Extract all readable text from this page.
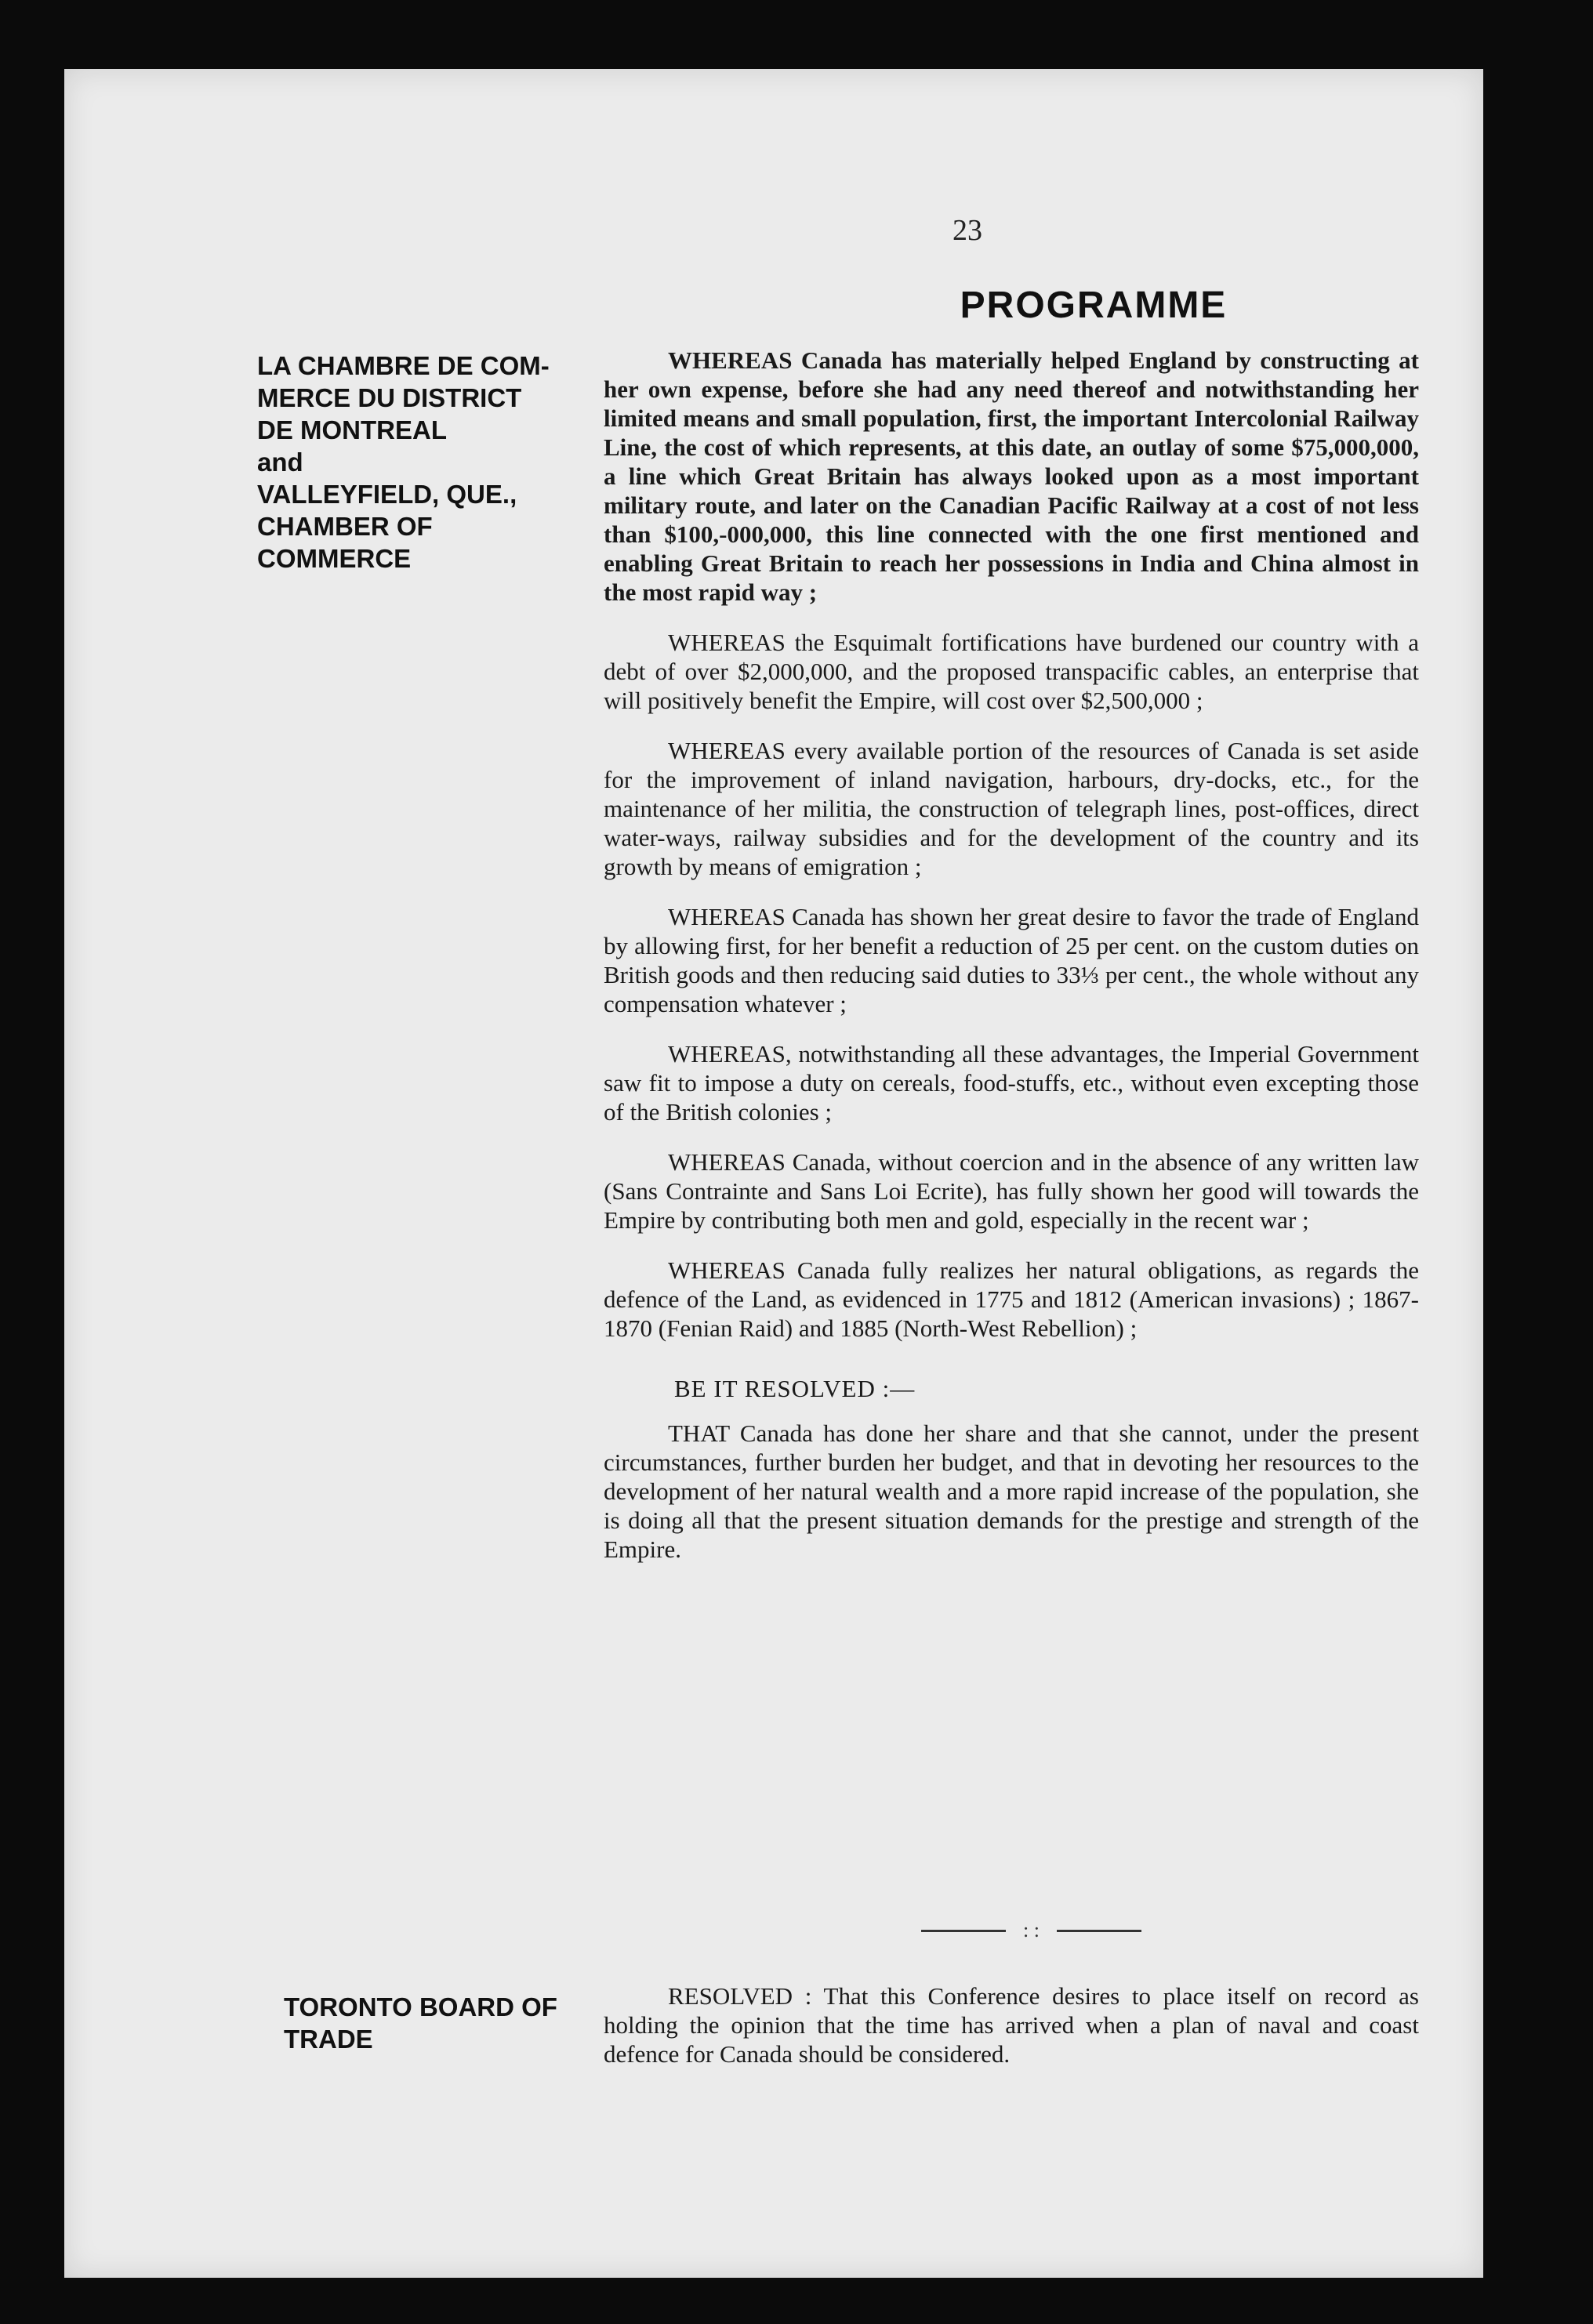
23
PROGRAMME
LA CHAMBRE DE COM-
MERCE DU DISTRICT
DE MONTREAL
and
VALLEYFIELD, QUE.,
CHAMBER OF
COMMERCE

WHEREAS Canada has materially helped England by constructing at her own expense, before she had any need thereof and notwithstanding her limited means and small population, first, the important Intercolonial Railway Line, the cost of which represents, at this date, an outlay of some $75,000,000, a line which Great Britain has always looked upon as a most important military route, and later on the Canadian Pacific Railway at a cost of not less than $100,-000,000, this line connected with the one first mentioned and enabling Great Britain to reach her possessions in India and China almost in the most rapid way ;

WHEREAS the Esquimalt fortifications have burdened our country with a debt of over $2,000,000, and the proposed transpacific cables, an enterprise that will positively benefit the Empire, will cost over $2,500,000 ;

WHEREAS every available portion of the resources of Canada is set aside for the improvement of inland navigation, harbours, dry-docks, etc., for the maintenance of her militia, the construction of telegraph lines, post-offices, direct water-ways, railway subsidies and for the development of the country and its growth by means of emigration ;

WHEREAS Canada has shown her great desire to favor the trade of England by allowing first, for her benefit a reduction of 25 per cent. on the custom duties on British goods and then reducing said duties to 33⅓ per cent., the whole without any compensation whatever ;

WHEREAS, notwithstanding all these advantages, the Imperial Government saw fit to impose a duty on cereals, food-stuffs, etc., without even excepting those of the British colonies ;

WHEREAS Canada, without coercion and in the absence of any written law (Sans Contrainte and Sans Loi Ecrite), has fully shown her good will towards the Empire by contributing both men and gold, especially in the recent war ;

WHEREAS Canada fully realizes her natural obligations, as regards the defence of the Land, as evidenced in 1775 and 1812 (American invasions) ; 1867-1870 (Fenian Raid) and 1885 (North-West Rebellion) ;

BE IT RESOLVED :—

THAT Canada has done her share and that she cannot, under the present circumstances, further burden her budget, and that in devoting her resources to the development of her natural wealth and a more rapid increase of the population, she is doing all that the present situation demands for the prestige and strength of the Empire.

: :
TORONTO BOARD OF
TRADE

RESOLVED : That this Conference desires to place itself on record as holding the opinion that the time has arrived when a plan of naval and coast defence for Canada should be considered.
